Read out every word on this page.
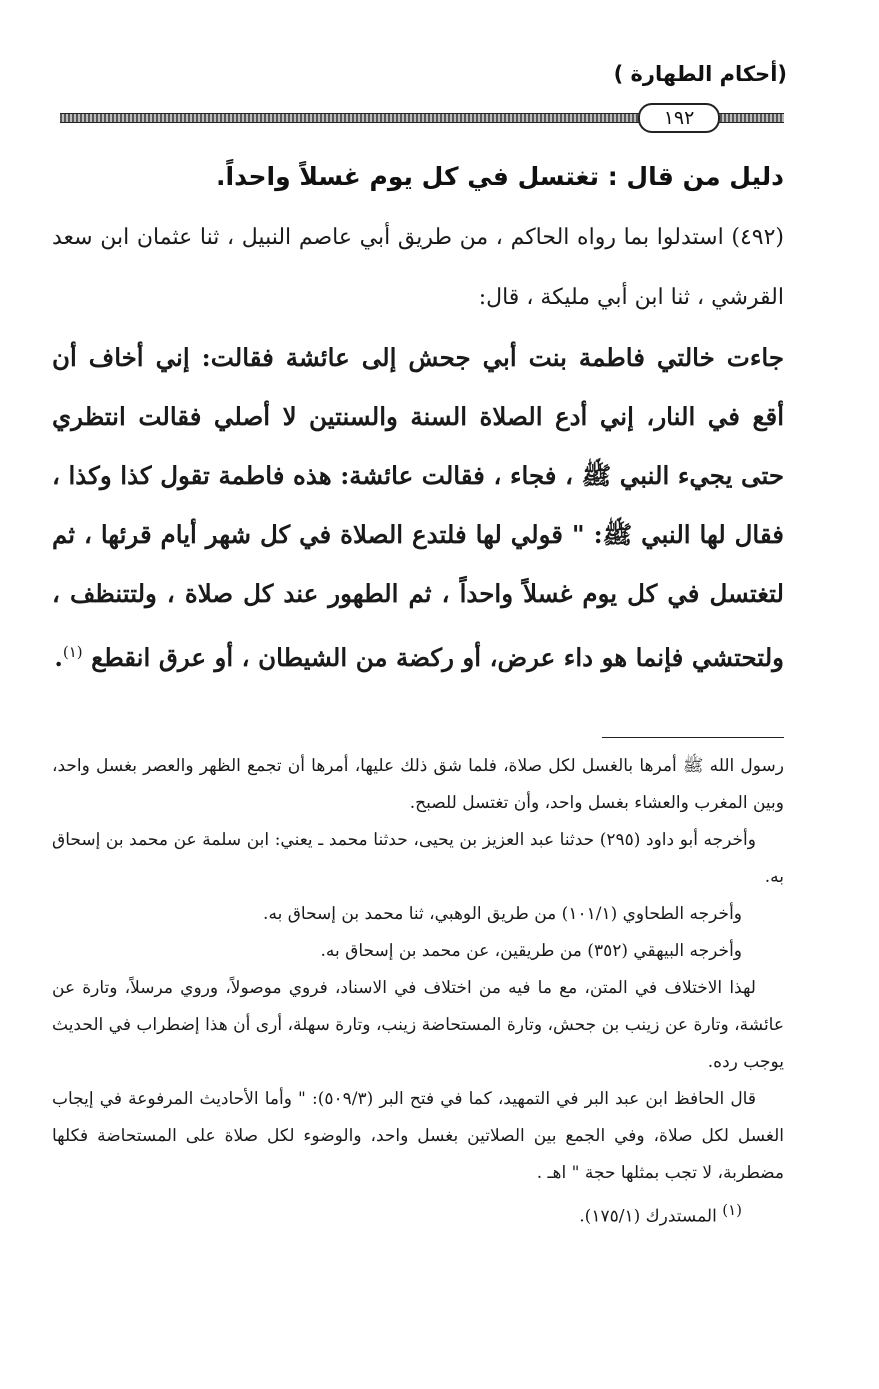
(أحكام الطهارة )
١٩٢

دليل من قال : تغتسل في كل يوم غسلاً واحداً.

(٤٩٢) استدلوا بما رواه الحاكم ، من طريق أبي عاصم النبيل ، ثنا عثمان ابن سعد القرشي ، ثنا ابن أبي مليكة ، قال:

جاءت خالتي فاطمة بنت أبي جحش إلى عائشة فقالت: إني أخاف أن أقع في النار، إني أدع الصلاة السنة والسنتين لا أصلي فقالت انتظري حتى يجيء النبي ﷺ ، فجاء ، فقالت عائشة: هذه فاطمة تقول كذا وكذا ، فقال لها النبي ﷺ: " قولي لها فلتدع الصلاة في كل شهر أيام قرئها ، ثم لتغتسل في كل يوم غسلاً واحداً ، ثم الطهور عند كل صلاة ، ولتتنظف ، ولتحتشي فإنما هو داء عرض، أو ركضة من الشيطان ، أو عرق انقطع $^{(١)}$.

رسول الله ﷺ أمرها بالغسل لكل صلاة، فلما شق ذلك عليها، أمرها أن تجمع الظهر والعصر بغسل واحد، وبين المغرب والعشاء بغسل واحد، وأن تغتسل للصبح.

وأخرجه أبو داود (٢٩٥) حدثنا عبد العزيز بن يحيى، حدثنا محمد ـ يعني: ابن سلمة عن محمد بن إسحاق به.

وأخرجه الطحاوي (١٠١/١) من طريق الوهبي، ثنا محمد بن إسحاق به.

وأخرجه البيهقي (٣٥٢) من طريقين، عن محمد بن إسحاق به.

لهذا الاختلاف في المتن، مع ما فيه من اختلاف في الاسناد، فروي موصولاً، وروي مرسلاً، وتارة عن عائشة، وتارة عن زينب بن جحش، وتارة المستحاضة زينب، وتارة سهلة، أرى أن هذا إضطراب في الحديث يوجب رده.

قال الحافظ ابن عبد البر في التمهيد، كما في فتح البر (٥٠٩/٣): " وأما الأحاديث المرفوعة في إيجاب الغسل لكل صلاة، وفي الجمع بين الصلاتين بغسل واحد، والوضوء لكل صلاة على المستحاضة فكلها مضطربة، لا تجب بمثلها حجة " اهـ .

(١) المستدرك (١٧٥/١).
